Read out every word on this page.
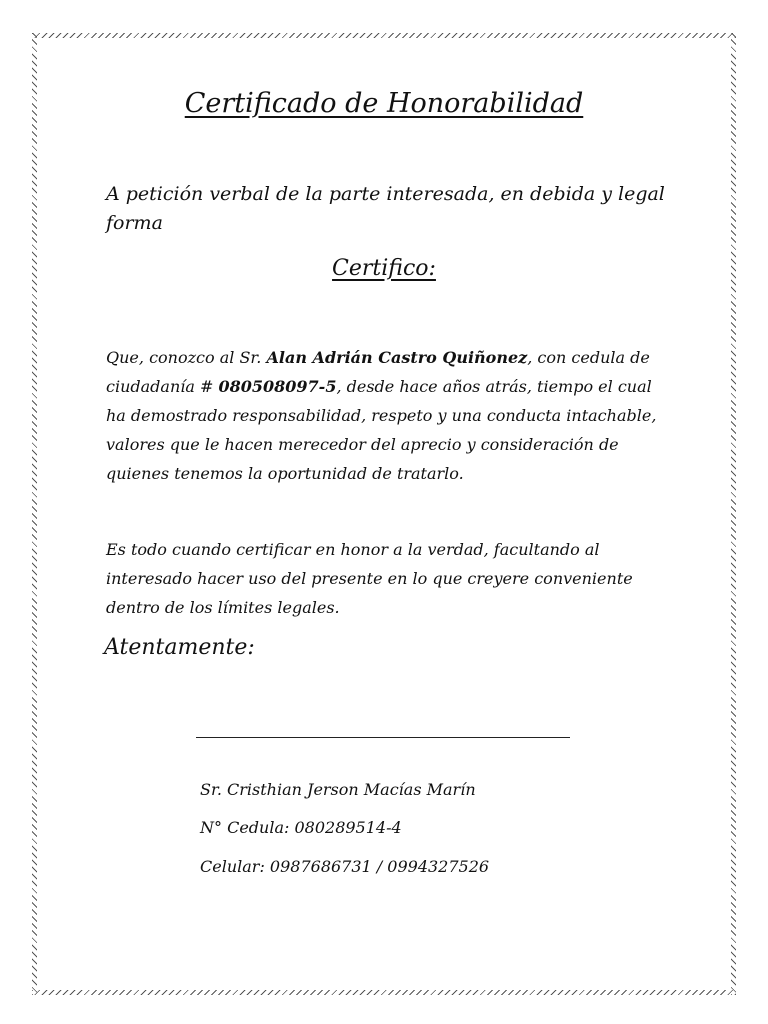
Certificado de Honorabilidad

A petición verbal de la parte interesada, en debida y legal forma

Certifico:

Que, conozco al Sr. Alan Adrián Castro Quiñonez, con cedula de ciudadanía # 080508097-5, desde hace años atrás, tiempo el cual ha demostrado responsabilidad, respeto y una conducta intachable, valores que le hacen merecedor del aprecio y consideración de quienes tenemos la oportunidad de tratarlo.

Es todo cuando certificar en honor a la verdad, facultando al interesado hacer uso del presente en lo que creyere conveniente dentro de los límites legales.

Atentamente:

Sr. Cristhian Jerson Macías Marín

N° Cedula: 080289514-4

Celular: 0987686731 / 0994327526
